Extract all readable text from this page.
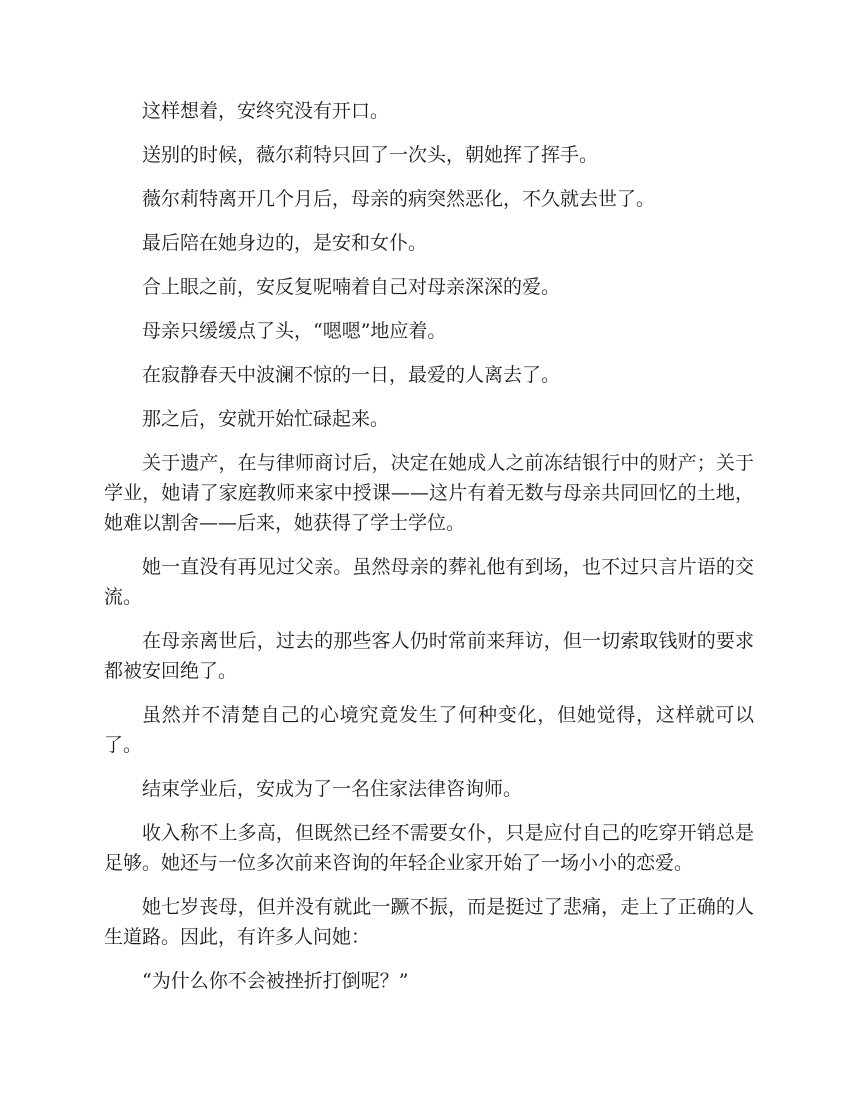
这样想着，安终究没有开口。

送别的时候，薇尔莉特只回了一次头，朝她挥了挥手。

薇尔莉特离开几个月后，母亲的病突然恶化，不久就去世了。

最后陪在她身边的，是安和女仆。

合上眼之前，安反复呢喃着自己对母亲深深的爱。

母亲只缓缓点了头，“嗯嗯”地应着。

在寂静春天中波澜不惊的一日，最爱的人离去了。

那之后，安就开始忙碌起来。

关于遗产，在与律师商讨后，决定在她成人之前冻结银行中的财产；关于学业，她请了家庭教师来家中授课——这片有着无数与母亲共同回忆的土地，她难以割舍——后来，她获得了学士学位。

她一直没有再见过父亲。虽然母亲的葬礼他有到场，也不过只言片语的交流。

在母亲离世后，过去的那些客人仍时常前来拜访，但一切索取钱财的要求都被安回绝了。

虽然并不清楚自己的心境究竟发生了何种变化，但她觉得，这样就可以了。

结束学业后，安成为了一名住家法律咨询师。

收入称不上多高，但既然已经不需要女仆，只是应付自己的吃穿开销总是足够。她还与一位多次前来咨询的年轻企业家开始了一场小小的恋爱。

她七岁丧母，但并没有就此一蹶不振，而是挺过了悲痛，走上了正确的人生道路。因此，有许多人问她：

“为什么你不会被挫折打倒呢？”
